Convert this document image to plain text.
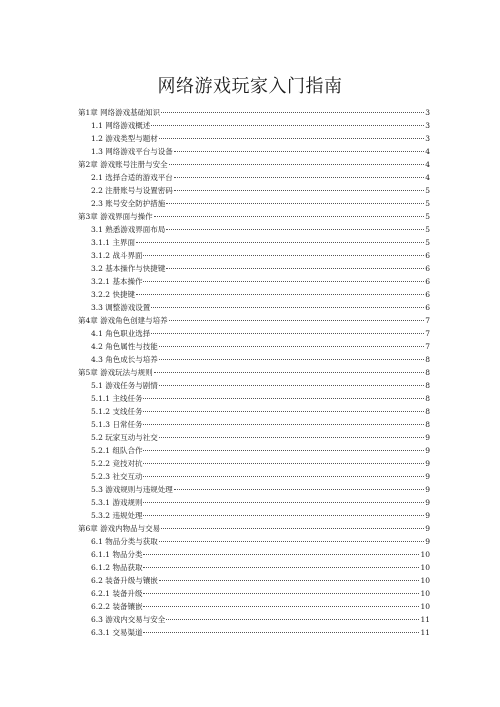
网络游戏玩家入门指南
第1章 网络游戏基础知识	3
1.1 网络游戏概述	3
1.2 游戏类型与题材	3
1.3 网络游戏平台与设备	4
第2章 游戏账号注册与安全	4
2.1 选择合适的游戏平台	4
2.2 注册账号与设置密码	5
2.3 账号安全防护措施	5
第3章 游戏界面与操作	5
3.1 熟悉游戏界面布局	5
3.1.1 主界面	5
3.1.2 战斗界面	6
3.2 基本操作与快捷键	6
3.2.1 基本操作	6
3.2.2 快捷键	6
3.3 调整游戏设置	6
第4章 游戏角色创建与培养	7
4.1 角色职业选择	7
4.2 角色属性与技能	7
4.3 角色成长与培养	8
第5章 游戏玩法与规则	8
5.1 游戏任务与剧情	8
5.1.1 主线任务	8
5.1.2 支线任务	8
5.1.3 日常任务	8
5.2 玩家互动与社交	9
5.2.1 组队合作	9
5.2.2 竞技对抗	9
5.2.3 社交互动	9
5.3 游戏规则与违规处理	9
5.3.1 游戏规则	9
5.3.2 违规处理	9
第6章 游戏内物品与交易	9
6.1 物品分类与获取	9
6.1.1 物品分类	10
6.1.2 物品获取	10
6.2 装备升级与镶嵌	10
6.2.1 装备升级	10
6.2.2 装备镶嵌	10
6.3 游戏内交易与安全	11
6.3.1 交易渠道	11
